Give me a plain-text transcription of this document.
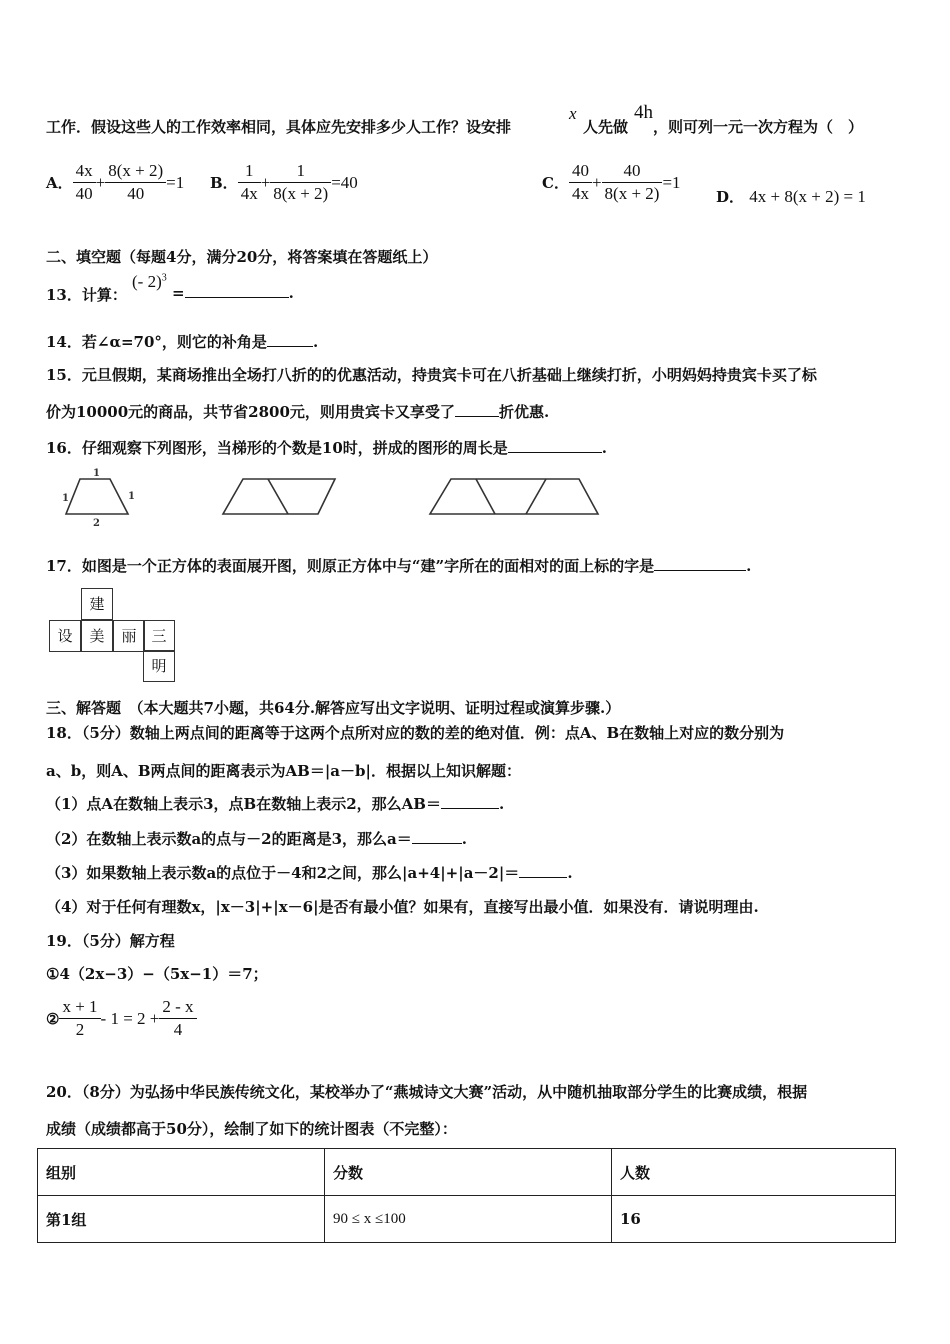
工作．假设这些人的工作效率相同，具体应先安排多少人工作？设安排
x
人先做
4h
，则可列一元一次方程为（　）
A． $\frac{4x}{40} + \frac{8(x + 2)}{40} =1$ B． $\frac{1}{4x} + \frac{1}{8(x + 2)} =40$	C． $\frac{40}{4x} + \frac{40}{8(x + 2)} =1$
D． 4x + 8(x + 2) = 1
二、填空题（每题4分，满分20分，将答案填在答题纸上）
13．计算：
(- 2)$^3$
=	.
14．若∠α=70°，则它的补角是	.
15．元旦假期，某商场推出全场打八折的的优惠活动，持贵宾卡可在八折基础上继续打折，小明妈妈持贵宾卡买了标
价为10000元的商品，共节省2800元，则用贵宾卡又享受了	折优惠.
16．仔细观察下列图形，当梯形的个数是10时，拼成的图形的周长是	.
1
1	1
2
17．如图是一个正方体的表面展开图，则原正方体中与“建”字所在的面相对的面上标的字是	.
建
设	美	丽 三
明
三、解答题　（本大题共7小题，共64分.解答应写出文字说明、证明过程或演算步骤.）
18．（5分）数轴上两点间的距离等于这两个点所对应的数的差的绝对值．例：点A、B在数轴上对应的数分别为
a、b，则A、B两点间的距离表示为AB＝|a－b|．根据以上知识解题：
（1）点A在数轴上表示3，点B在数轴上表示2，那么AB＝	.
（2）在数轴上表示数a的点与－2的距离是3，那么a＝	.
（3）如果数轴上表示数a的点位于－4和2之间，那么|a+4|+|a－2|＝	.
（4）对于任何有理数x，|x－3|+|x－6|是否有最小值？如果有，直接写出最小值．如果没有．请说明理由.
19．（5分）解方程
①4（2x−3）−（5x−1）＝7；
② $\frac{x + 1}{2} - 1 = 2 + \frac{2 - x}{4}$
20．（8分）为弘扬中华民族传统文化，某校举办了“燕城诗文大赛”活动，从中随机抽取部分学生的比赛成绩，根据
成绩（成绩都高于50分），绘制了如下的统计图表（不完整）：
组别	分数	人数
第1组	90 ≤ x ≤100	16
